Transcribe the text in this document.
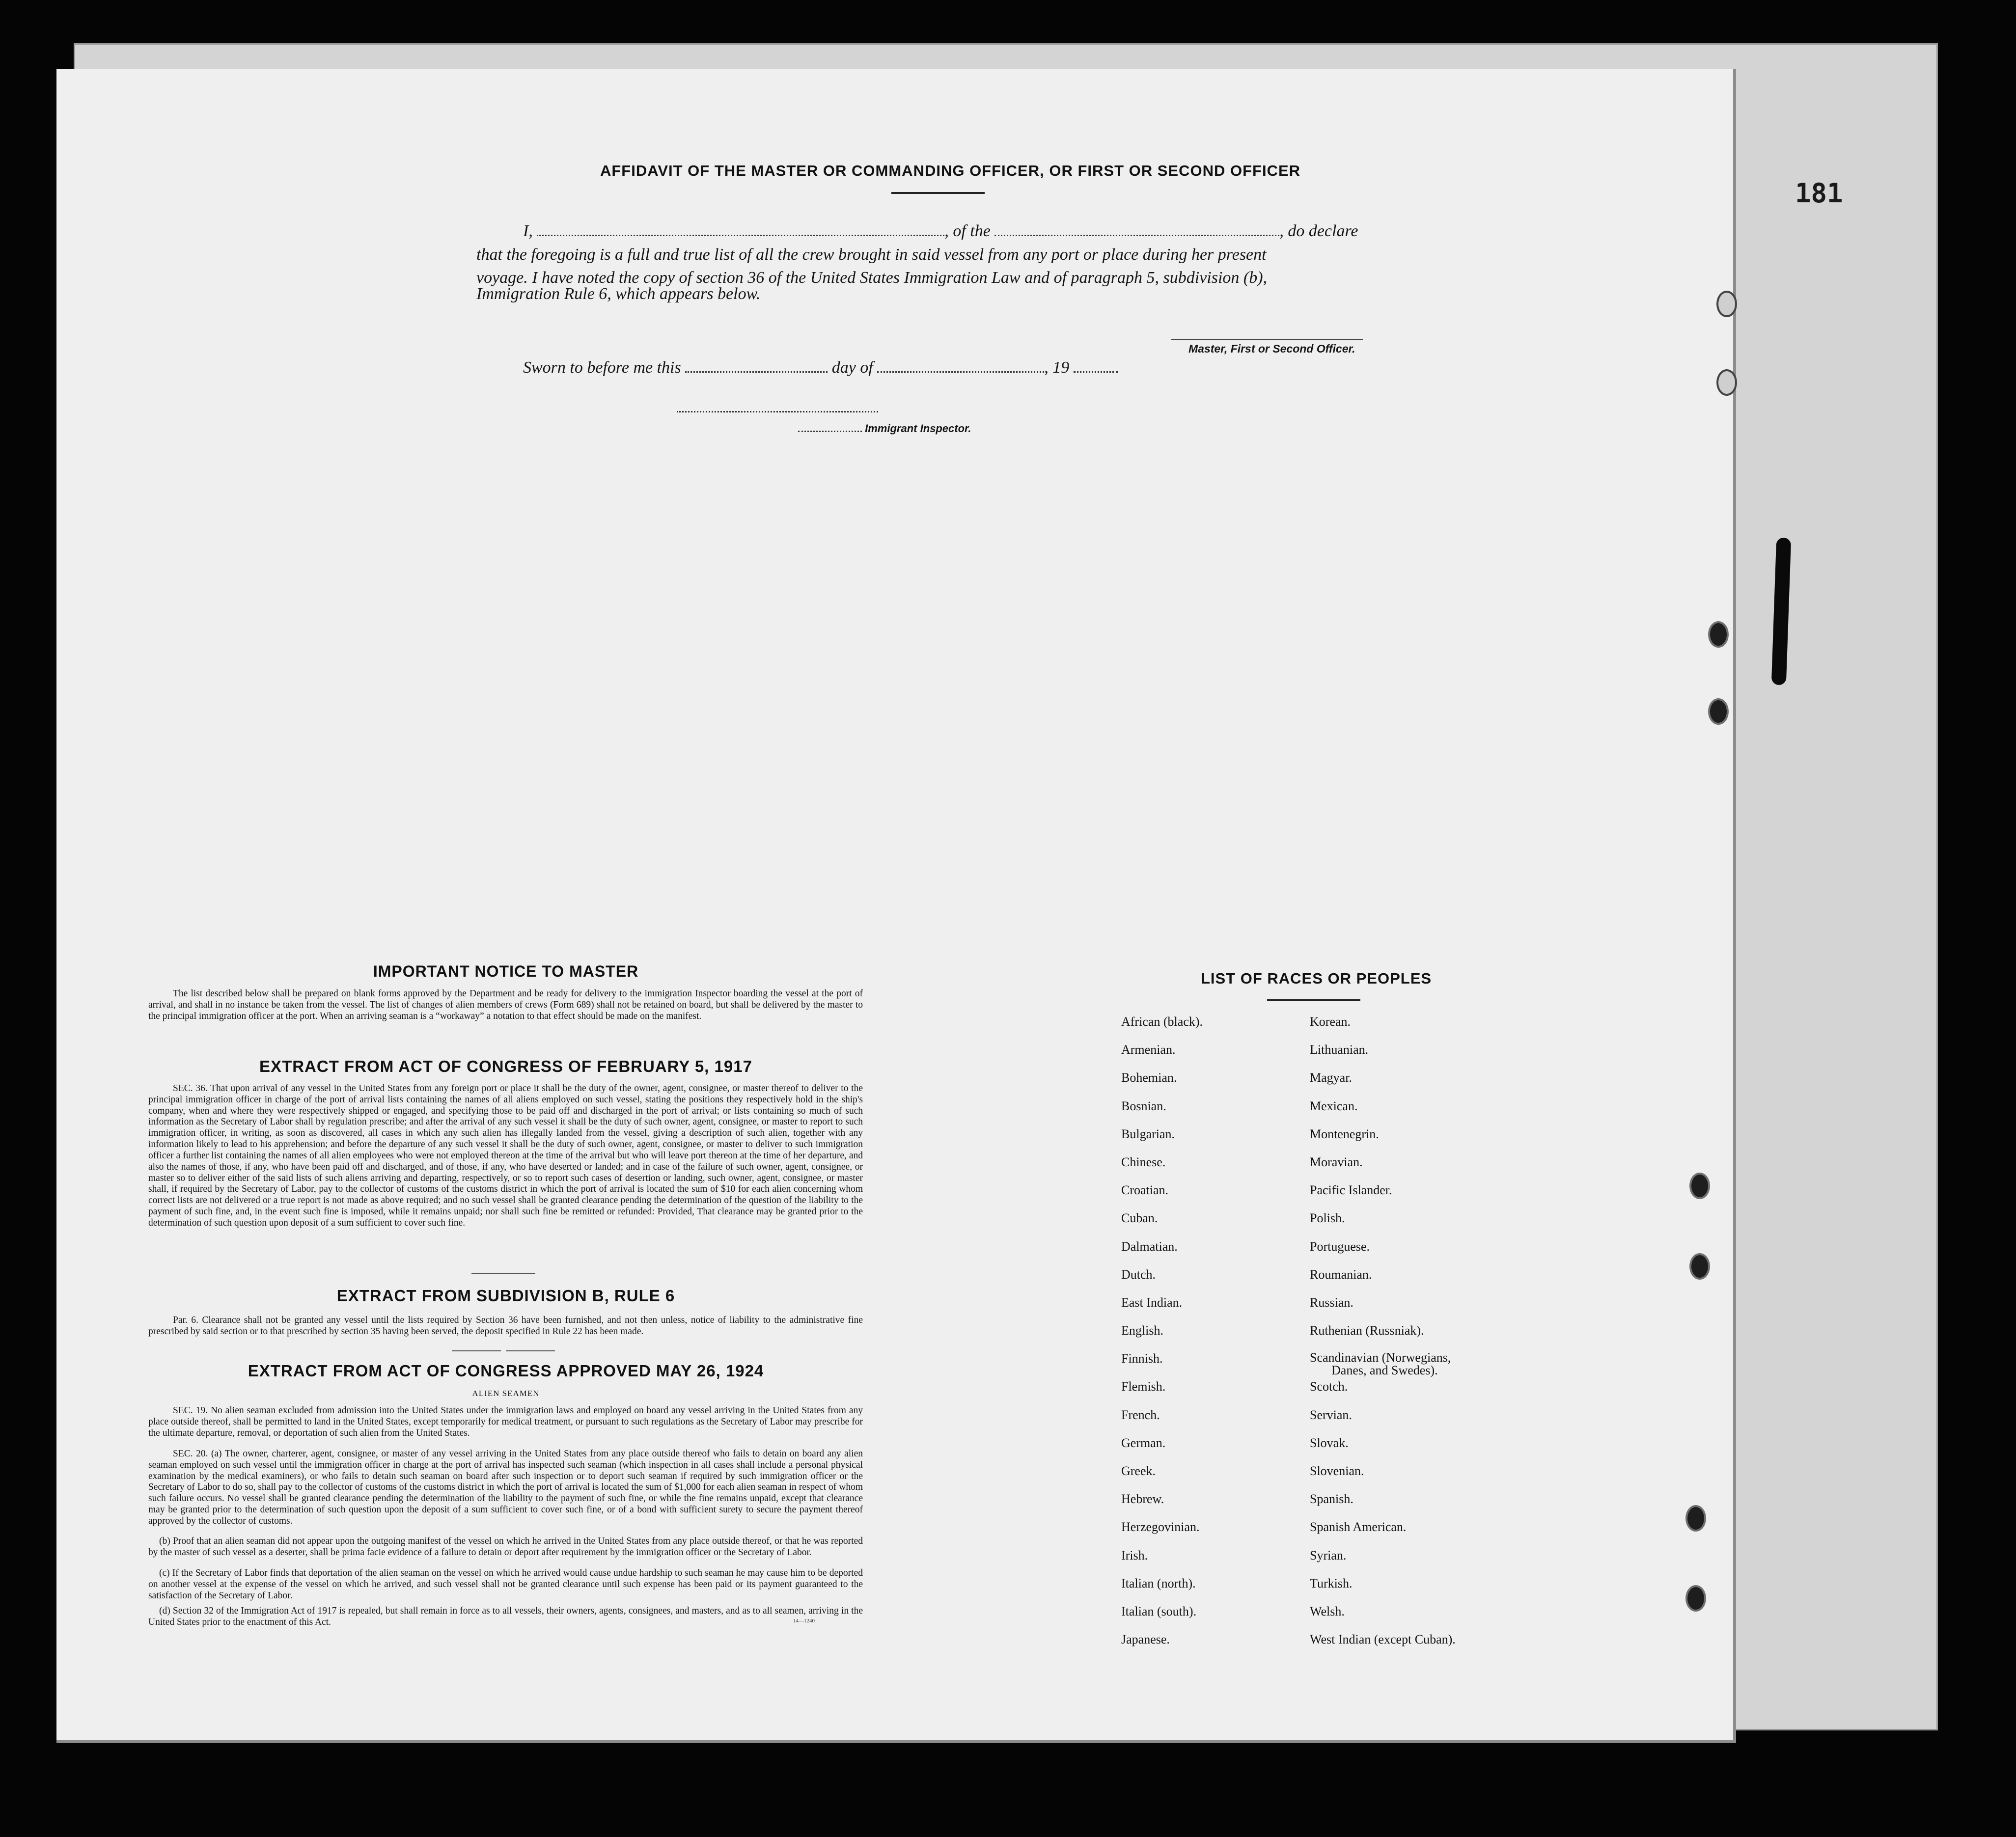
181
AFFIDAVIT OF THE MASTER OR COMMANDING OFFICER, OR FIRST OR SECOND OFFICER
I,	, of the	, do declare
that the foregoing is a full and true list of all the crew brought in said vessel from any port or place during her present
voyage. I have noted the copy of section 36 of the United States Immigration Law and of paragraph 5, subdivision (b),
Immigration Rule 6, which appears below.
Master, First or Second Officer.
Sworn to before me this	day of	, 19
Immigrant Inspector.
IMPORTANT NOTICE TO MASTER

The list described below shall be prepared on blank forms approved by the Department and be ready for delivery to the immigration Inspector boarding the vessel at the port of arrival, and shall in no instance be taken from the vessel. The list of changes of alien members of crews (Form 689) shall not be retained on board, but shall be delivered by the master to the principal immigration officer at the port. When an arriving seaman is a “workaway” a notation to that effect should be made on the manifest.

EXTRACT FROM ACT OF CONGRESS OF FEBRUARY 5, 1917

SEC. 36. That upon arrival of any vessel in the United States from any foreign port or place it shall be the duty of the owner, agent, consignee, or master thereof to deliver to the principal immigration officer in charge of the port of arrival lists containing the names of all aliens employed on such vessel, stating the positions they respectively hold in the ship's company, when and where they were respectively shipped or engaged, and specifying those to be paid off and discharged in the port of arrival; or lists containing so much of such information as the Secretary of Labor shall by regulation prescribe; and after the arrival of any such vessel it shall be the duty of such owner, agent, consignee, or master to report to such immigration officer, in writing, as soon as discovered, all cases in which any such alien has illegally landed from the vessel, giving a description of such alien, together with any information likely to lead to his apprehension; and before the departure of any such vessel it shall be the duty of such owner, agent, consignee, or master to deliver to such immigration officer a further list containing the names of all alien employees who were not employed thereon at the time of the arrival but who will leave port thereon at the time of her departure, and also the names of those, if any, who have been paid off and discharged, and of those, if any, who have deserted or landed; and in case of the failure of such owner, agent, consignee, or master so to deliver either of the said lists of such aliens arriving and departing, respectively, or so to report such cases of desertion or landing, such owner, agent, consignee, or master shall, if required by the Secretary of Labor, pay to the collector of customs of the customs district in which the port of arrival is located the sum of $10 for each alien concerning whom correct lists are not delivered or a true report is not made as above required; and no such vessel shall be granted clearance pending the determination of the question of the liability to the payment of such fine, and, in the event such fine is imposed, while it remains unpaid; nor shall such fine be remitted or refunded: Provided, That clearance may be granted prior to the determination of such question upon deposit of a sum sufficient to cover such fine.

EXTRACT FROM SUBDIVISION B, RULE 6

Par. 6. Clearance shall not be granted any vessel until the lists required by Section 36 have been furnished, and not then unless, notice of liability to the administrative fine prescribed by said section or to that prescribed by section 35 having been served, the deposit specified in Rule 22 has been made.

EXTRACT FROM ACT OF CONGRESS APPROVED MAY 26, 1924
ALIEN SEAMEN

SEC. 19. No alien seaman excluded from admission into the United States under the immigration laws and employed on board any vessel arriving in the United States from any place outside thereof, shall be permitted to land in the United States, except temporarily for medical treatment, or pursuant to such regulations as the Secretary of Labor may prescribe for the ultimate departure, removal, or deportation of such alien from the United States.

SEC. 20. (a) The owner, charterer, agent, consignee, or master of any vessel arriving in the United States from any place outside thereof who fails to detain on board any alien seaman employed on such vessel until the immigration officer in charge at the port of arrival has inspected such seaman (which inspection in all cases shall include a personal physical examination by the medical examiners), or who fails to detain such seaman on board after such inspection or to deport such seaman if required by such immigration officer or the Secretary of Labor to do so, shall pay to the collector of customs of the customs district in which the port of arrival is located the sum of $1,000 for each alien seaman in respect of whom such failure occurs. No vessel shall be granted clearance pending the determination of the liability to the payment of such fine, or while the fine remains unpaid, except that clearance may be granted prior to the determination of such question upon the deposit of a sum sufficient to cover such fine, or of a bond with sufficient surety to secure the payment thereof approved by the collector of customs.

(b) Proof that an alien seaman did not appear upon the outgoing manifest of the vessel on which he arrived in the United States from any place outside thereof, or that he was reported by the master of such vessel as a deserter, shall be prima facie evidence of a failure to detain or deport after requirement by the immigration officer or the Secretary of Labor.

(c) If the Secretary of Labor finds that deportation of the alien seaman on the vessel on which he arrived would cause undue hardship to such seaman he may cause him to be deported on another vessel at the expense of the vessel on which he arrived, and such vessel shall not be granted clearance until such expense has been paid or its payment guaranteed to the satisfaction of the Secretary of Labor.

(d) Section 32 of the Immigration Act of 1917 is repealed, but shall remain in force as to all vessels, their owners, agents, consignees, and masters, and as to all seamen, arriving in the United States prior to the enactment of this Act.	14—1240
LIST OF RACES OR PEOPLES
African (black).
Armenian.
Bohemian.
Bosnian.
Bulgarian.
Chinese.
Croatian.
Cuban.
Dalmatian.
Dutch.
East Indian.
English.
Finnish.
Flemish.
French.
German.
Greek.
Hebrew.
Herzegovinian.
Irish.
Italian (north).
Italian (south).
Japanese.
Korean.
Lithuanian.
Magyar.
Mexican.
Montenegrin.
Moravian.
Pacific Islander.
Polish.
Portuguese.
Roumanian.
Russian.
Ruthenian (Russniak).
Scandinavian (Norwegians,
Danes, and Swedes).
Scotch.
Servian.
Slovak.
Slovenian.
Spanish.
Spanish American.
Syrian.
Turkish.
Welsh.
West Indian (except Cuban).
